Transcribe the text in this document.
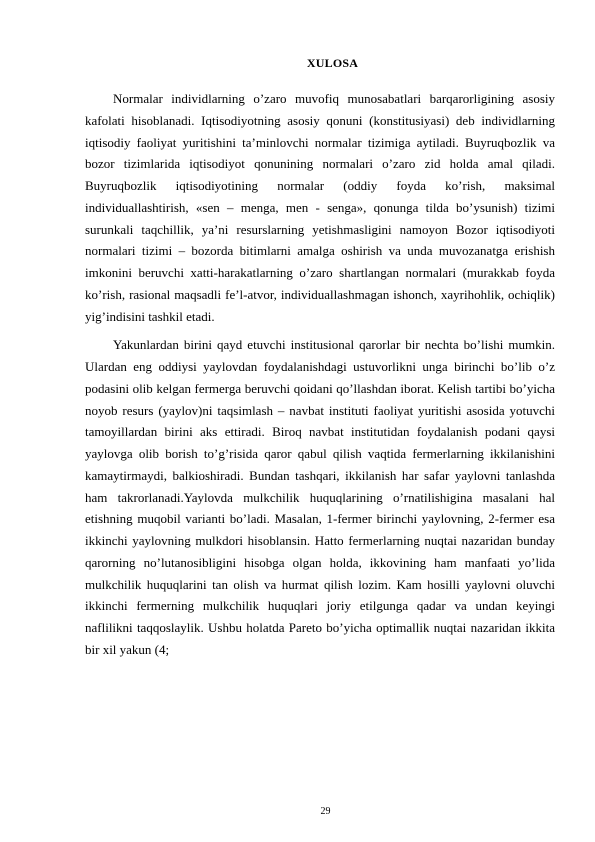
XULOSA

Normalar individlarning o’zaro muvofiq munosabatlari barqarorligining asosiy kafolati hisoblanadi. Iqtisodiyotning asosiy qonuni (konstitusiyasi) deb individlarning iqtisodiy faoliyat yuritishini ta’minlovchi normalar tizimiga aytiladi. Buyruqbozlik va bozor tizimlarida iqtisodiyot qonunining normalari o’zaro zid holda amal qiladi. Buyruqbozlik iqtisodiyotining normalar (oddiy foyda ko’rish, maksimal individuallashtirish, «sen – menga, men - senga», qonunga tilda bo’ysunish) tizimi surunkali taqchillik, ya’ni resurslarning yetishmasligini namoyon Bozor iqtisodiyoti normalari tizimi – bozorda bitimlarni amalga oshirish va unda muvozanatga erishish imkonini beruvchi xatti-harakatlarning o’zaro shartlangan normalari (murakkab foyda ko’rish, rasional maqsadli fe’l-atvor, individuallashmagan ishonch, xayrihohlik, ochiqlik) yig’indisini tashkil etadi.

Yakunlardan birini qayd etuvchi institusional qarorlar bir nechta bo’lishi mumkin. Ulardan eng oddiysi yaylovdan foydalanishdagi ustuvorlikni unga birinchi bo’lib o’z podasini olib kelgan fermerga beruvchi qoidani qo’llashdan iborat. Kelish tartibi bo’yicha noyob resurs (yaylov)ni taqsimlash – navbat instituti faoliyat yuritishi asosida yotuvchi tamoyillardan birini aks ettiradi. Biroq navbat institutidan foydalanish podani qaysi yaylovga olib borish to’g’risida qaror qabul qilish vaqtida fermerlarning ikkilanishini kamaytirmaydi, balkioshiradi. Bundan tashqari, ikkilanish har safar yaylovni tanlashda ham takrorlanadi.Yaylovda mulkchilik huquqlarining o’rnatilishigina masalani hal etishning muqobil varianti bo’ladi. Masalan, 1-fermer birinchi yaylovning, 2-fermer esa ikkinchi yaylovning mulkdori hisoblansin. Hatto fermerlarning nuqtai nazaridan bunday qarorning no’lutanosibligini hisobga olgan holda, ikkovining ham manfaati yo’lida mulkchilik huquqlarini tan olish va hurmat qilish lozim. Kam hosilli yaylovni oluvchi ikkinchi fermerning mulkchilik huquqlari joriy etilgunga qadar va undan keyingi naflilikni taqqoslaylik. Ushbu holatda Pareto bo’yicha optimallik nuqtai nazaridan ikkita bir xil yakun (4;

29
